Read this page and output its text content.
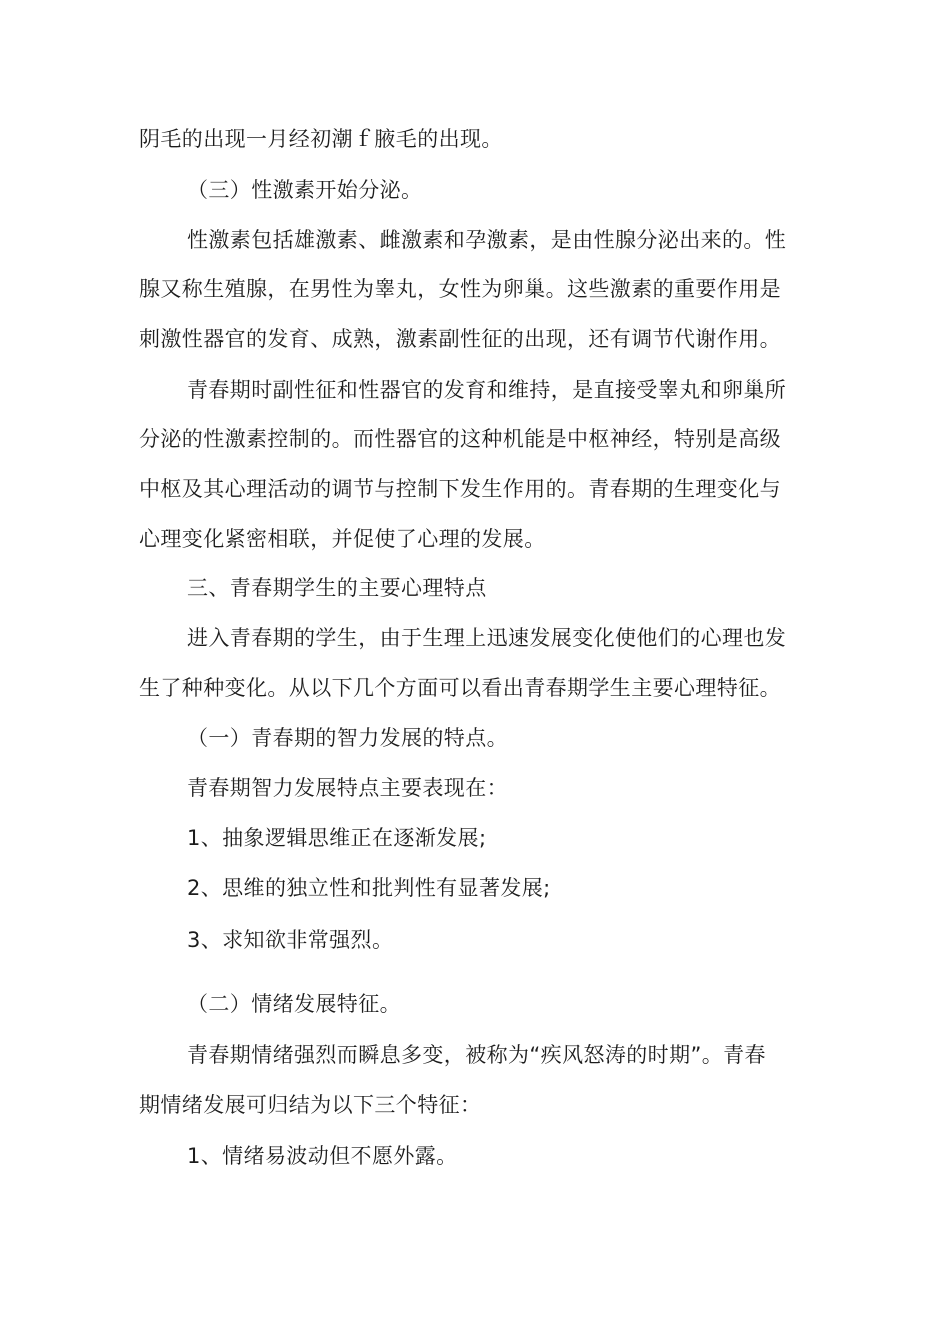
阴毛的出现一月经初潮ｆ腋毛的出现。
（三）性激素开始分泌。
性激素包括雄激素、雌激素和孕激素，是由性腺分泌出来的。性
腺又称生殖腺，在男性为睾丸，女性为卵巢。这些激素的重要作用是
刺激性器官的发育、成熟，激素副性征的出现，还有调节代谢作用。
青春期时副性征和性器官的发育和维持，是直接受睾丸和卵巢所
分泌的性激素控制的。而性器官的这种机能是中枢神经，特别是高级
中枢及其心理活动的调节与控制下发生作用的。青春期的生理变化与
心理变化紧密相联，并促使了心理的发展。
三、青春期学生的主要心理特点
进入青春期的学生，由于生理上迅速发展变化使他们的心理也发
生了种种变化。从以下几个方面可以看出青春期学生主要心理特征。
（一）青春期的智力发展的特点。
青春期智力发展特点主要表现在：
1、抽象逻辑思维正在逐渐发展;
2、思维的独立性和批判性有显著发展;
3、求知欲非常强烈。
（二）情绪发展特征。
青春期情绪强烈而瞬息多变，被称为“疾风怒涛的时期”。青春
期情绪发展可归结为以下三个特征：
1、情绪易波动但不愿外露。
